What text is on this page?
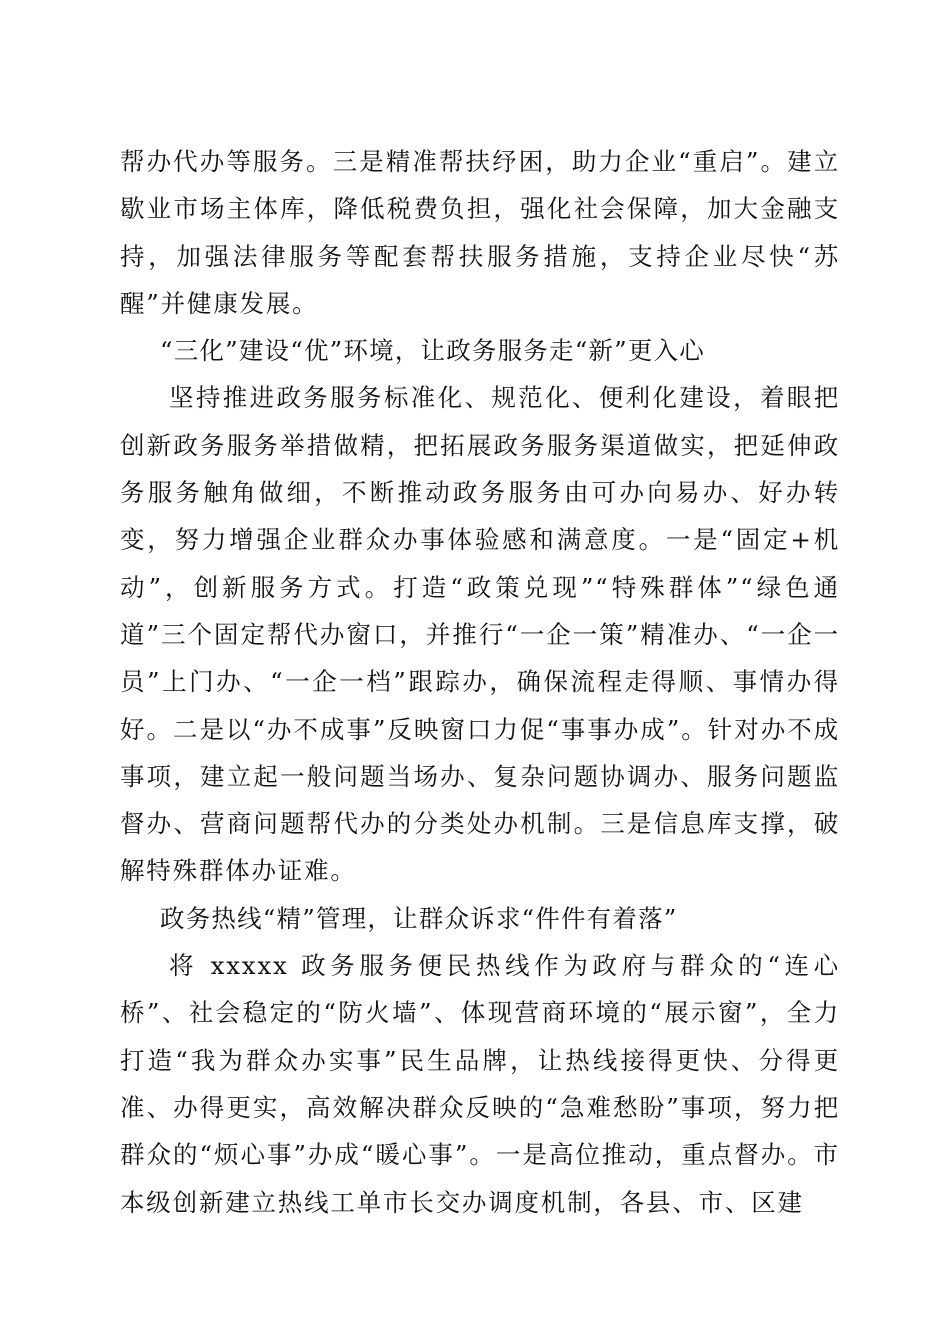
帮办代办等服务。三是精准帮扶纾困，助力企业“重启”。建立歇业市场主体库，降低税费负担，强化社会保障，加大金融支持，加强法律服务等配套帮扶服务措施，支持企业尽快“苏醒”并健康发展。

“三化”建设“优”环境，让政务服务走“新”更入心

坚持推进政务服务标准化、规范化、便利化建设，着眼把创新政务服务举措做精，把拓展政务服务渠道做实，把延伸政务服务触角做细，不断推动政务服务由可办向易办、好办转变，努力增强企业群众办事体验感和满意度。一是“固定+机动”，创新服务方式。打造“政策兑现”“特殊群体”“绿色通道”三个固定帮代办窗口，并推行“一企一策”精准办、“一企一员”上门办、“一企一档”跟踪办，确保流程走得顺、事情办得好。二是以“办不成事”反映窗口力促“事事办成”。针对办不成事项，建立起一般问题当场办、复杂问题协调办、服务问题监督办、营商问题帮代办的分类处办机制。三是信息库支撑，破解特殊群体办证难。

政务热线“精”管理，让群众诉求“件件有着落”

将 xxxxx 政务服务便民热线作为政府与群众的“连心桥”、社会稳定的“防火墙”、体现营商环境的“展示窗”，全力打造“我为群众办实事”民生品牌，让热线接得更快、分得更准、办得更实，高效解决群众反映的“急难愁盼”事项，努力把群众的“烦心事”办成“暖心事”。一是高位推动，重点督办。市本级创新建立热线工单市长交办调度机制，各县、市、区建
